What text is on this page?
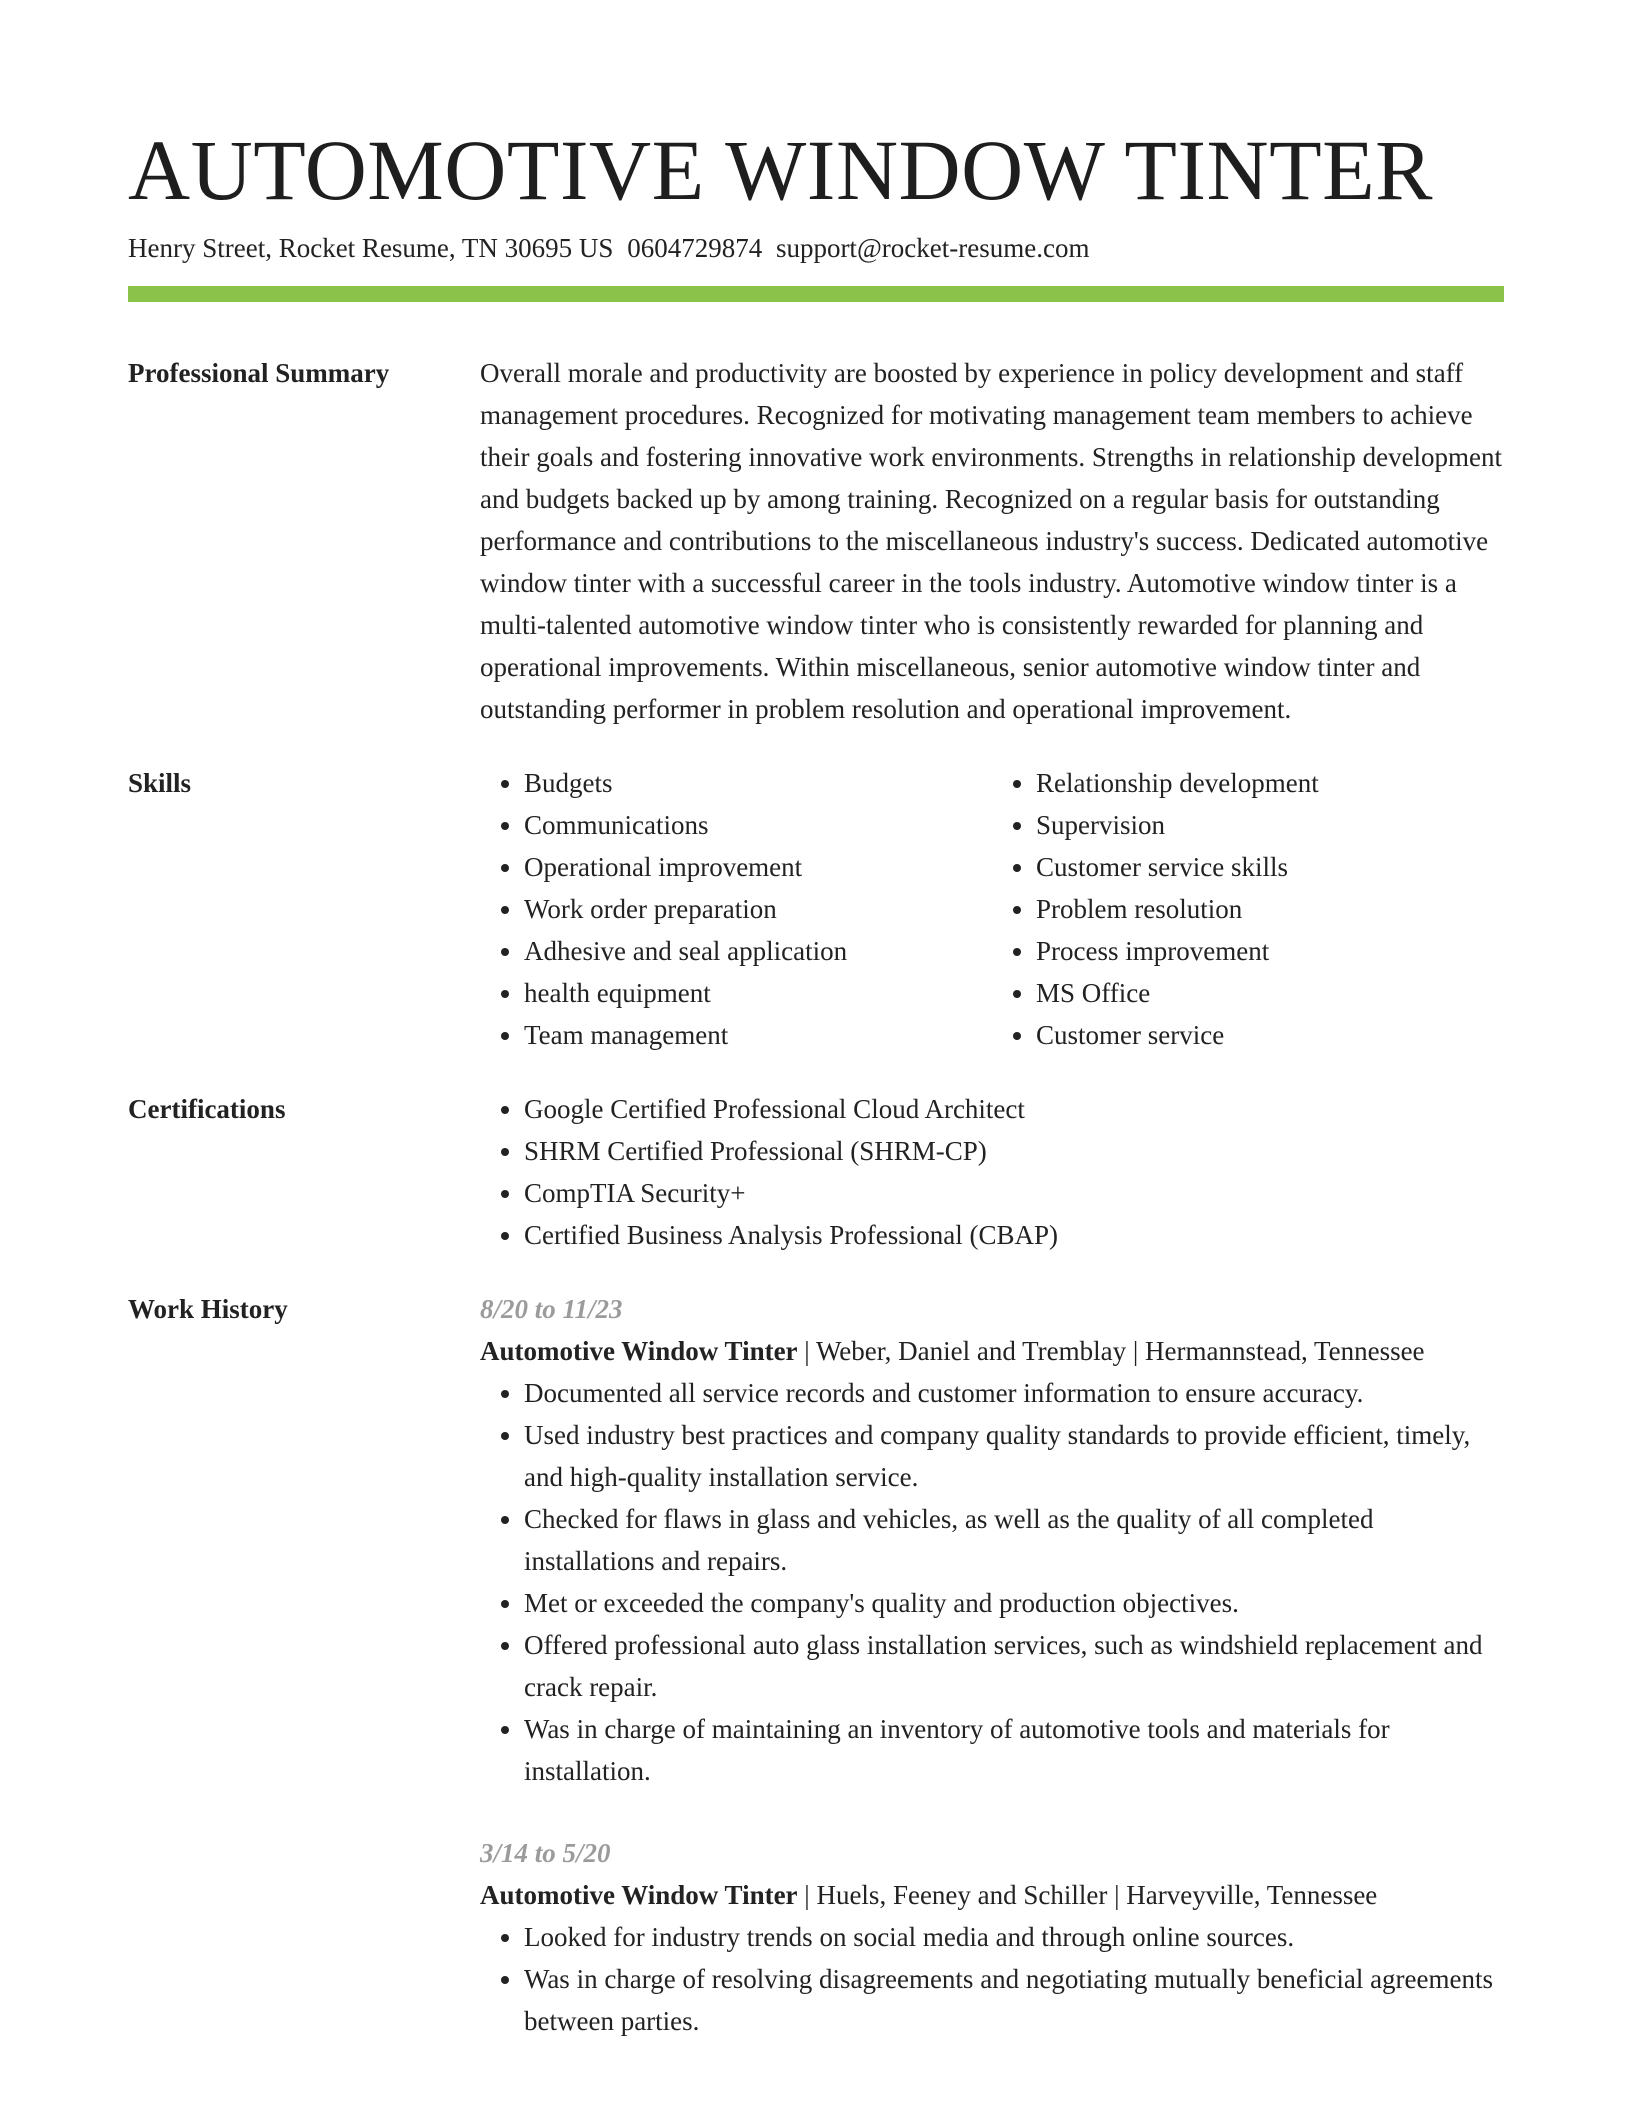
AUTOMOTIVE WINDOW TINTER
Henry Street, Rocket Resume, TN 30695 US 0604729874 support@rocket-resume.com
Professional Summary	Overall morale and productivity are boosted by experience in policy development and staff management procedures. Recognized for motivating management team members to achieve their goals and fostering innovative work environments. Strengths in relationship development and budgets backed up by among training. Recognized on a regular basis for outstanding performance and contributions to the miscellaneous industry's success. Dedicated automotive window tinter with a successful career in the tools industry. Automotive window tinter is a multi-talented automotive window tinter who is consistently rewarded for planning and operational improvements. Within miscellaneous, senior automotive window tinter and outstanding performer in problem resolution and operational improvement.

Skills	• Budgets
• Communications
• Operational improvement
• Work order preparation
• Adhesive and seal application
• health equipment
• Team management
• Relationship development
• Supervision
• Customer service skills
• Problem resolution
• Process improvement
• MS Office
• Customer service
Certifications	• Google Certified Professional Cloud Architect
• SHRM Certified Professional (SHRM-CP)
• CompTIA Security+
• Certified Business Analysis Professional (CBAP)
Work History	8/20 to 11/23
Automotive Window Tinter | Weber, Daniel and Tremblay | Hermannstead, Tennessee
• Documented all service records and customer information to ensure accuracy.
• Used industry best practices and company quality standards to provide efficient, timely, and high-quality installation service.
• Checked for flaws in glass and vehicles, as well as the quality of all completed installations and repairs.
• Met or exceeded the company's quality and production objectives.
• Offered professional auto glass installation services, such as windshield replacement and crack repair.
• Was in charge of maintaining an inventory of automotive tools and materials for installation.
3/14 to 5/20
Automotive Window Tinter | Huels, Feeney and Schiller | Harveyville, Tennessee
• Looked for industry trends on social media and through online sources.
• Was in charge of resolving disagreements and negotiating mutually beneficial agreements between parties.
